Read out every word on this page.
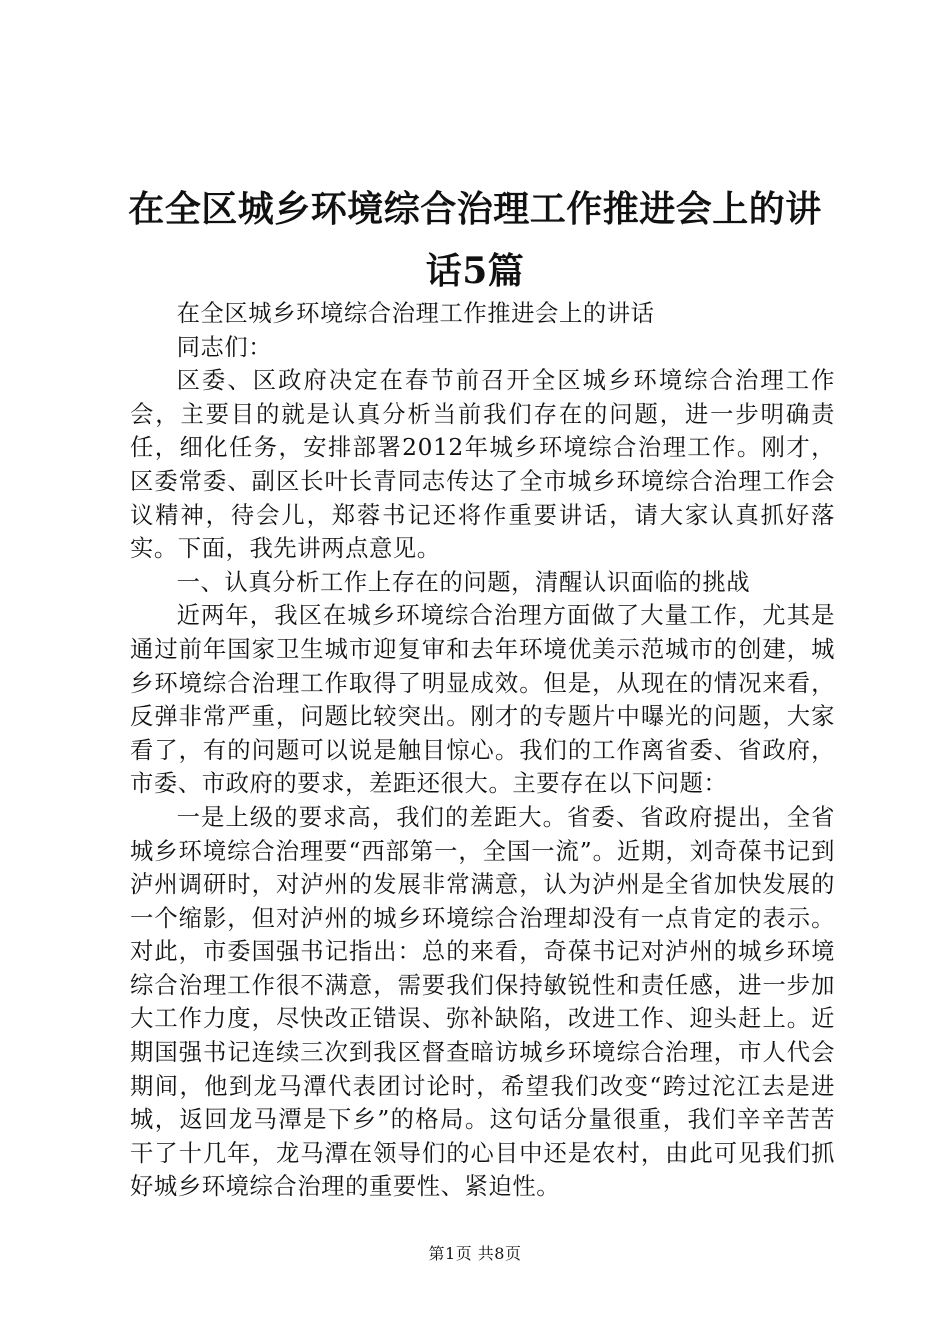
在全区城乡环境综合治理工作推进会上的讲话5篇

在全区城乡环境综合治理工作推进会上的讲话

同志们：

区委、区政府决定在春节前召开全区城乡环境综合治理工作会，主要目的就是认真分析当前我们存在的问题，进一步明确责任，细化任务，安排部署2012年城乡环境综合治理工作。刚才，区委常委、副区长叶长青同志传达了全市城乡环境综合治理工作会议精神，待会儿，郑蓉书记还将作重要讲话，请大家认真抓好落实。下面，我先讲两点意见。

一、认真分析工作上存在的问题，清醒认识面临的挑战

近两年，我区在城乡环境综合治理方面做了大量工作，尤其是通过前年国家卫生城市迎复审和去年环境优美示范城市的创建，城乡环境综合治理工作取得了明显成效。但是，从现在的情况来看，反弹非常严重，问题比较突出。刚才的专题片中曝光的问题，大家看了，有的问题可以说是触目惊心。我们的工作离省委、省政府，市委、市政府的要求，差距还很大。主要存在以下问题：

一是上级的要求高，我们的差距大。省委、省政府提出，全省城乡环境综合治理要“西部第一，全国一流”。近期，刘奇葆书记到泸州调研时，对泸州的发展非常满意，认为泸州是全省加快发展的一个缩影，但对泸州的城乡环境综合治理却没有一点肯定的表示。对此，市委国强书记指出：总的来看，奇葆书记对泸州的城乡环境综合治理工作很不满意，需要我们保持敏锐性和责任感，进一步加大工作力度，尽快改正错误、弥补缺陷，改进工作、迎头赶上。近期国强书记连续三次到我区督查暗访城乡环境综合治理，市人代会期间，他到龙马潭代表团讨论时，希望我们改变“跨过沱江去是进城，返回龙马潭是下乡”的格局。这句话分量很重，我们辛辛苦苦干了十几年，龙马潭在领导们的心目中还是农村，由此可见我们抓好城乡环境综合治理的重要性、紧迫性。

第1页 共8页
